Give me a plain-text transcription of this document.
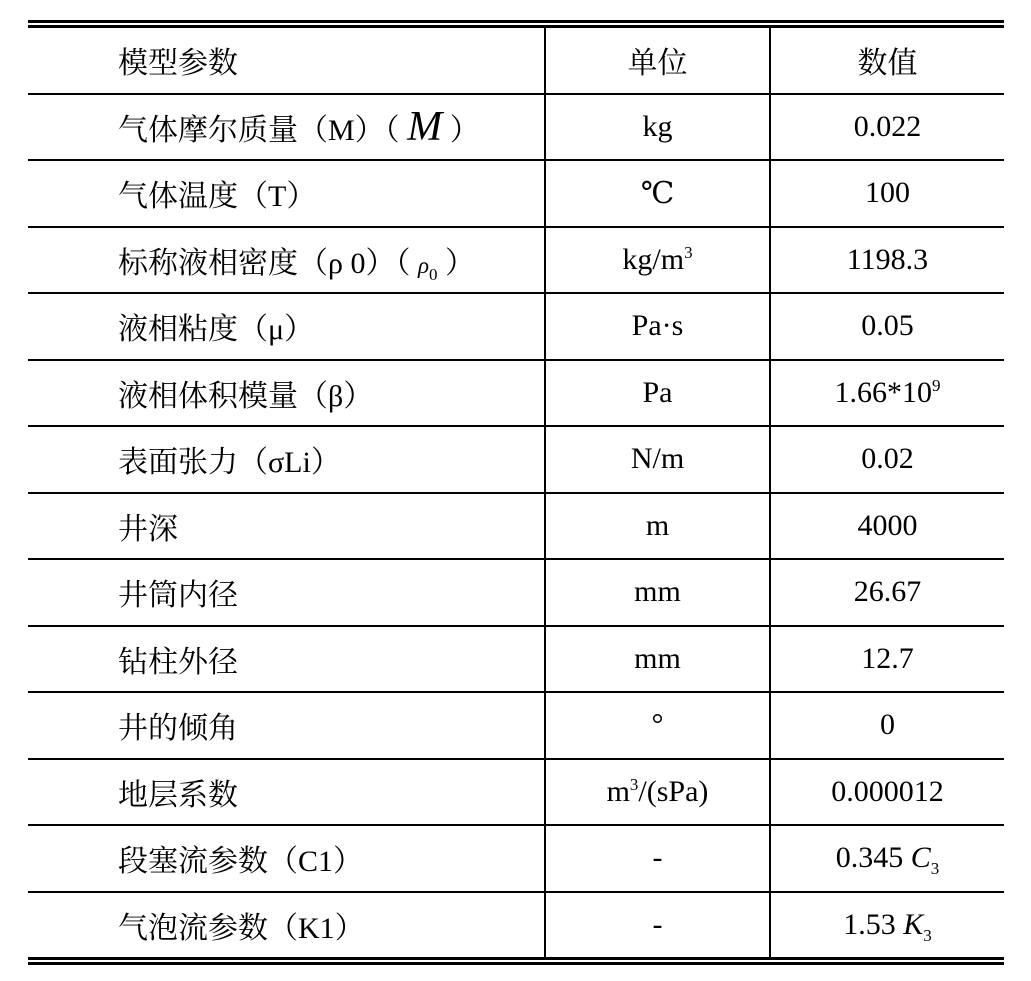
模型参数	单位	数值
气体摩尔质量（M）（ M ）	kg	0.022
气体温度（T）	℃	100
标称液相密度（ρ 0）（ $\rho_0$ ）	$kg/m^3$	1198.3
液相粘度（μ）	Pa·s	0.05
液相体积模量（β）	Pa	$1.66*10^9$
表面张力（σLi）	N/m	0.02
井深	m	4000
井筒内径	mm	26.67
钻柱外径	mm	12.7
井的倾角	°	0
地层系数	$m^3/(sPa)$	0.000012
段塞流参数（C1）	-	0.345 $C_3$
气泡流参数（K1）	-	1.53 $K_3$
